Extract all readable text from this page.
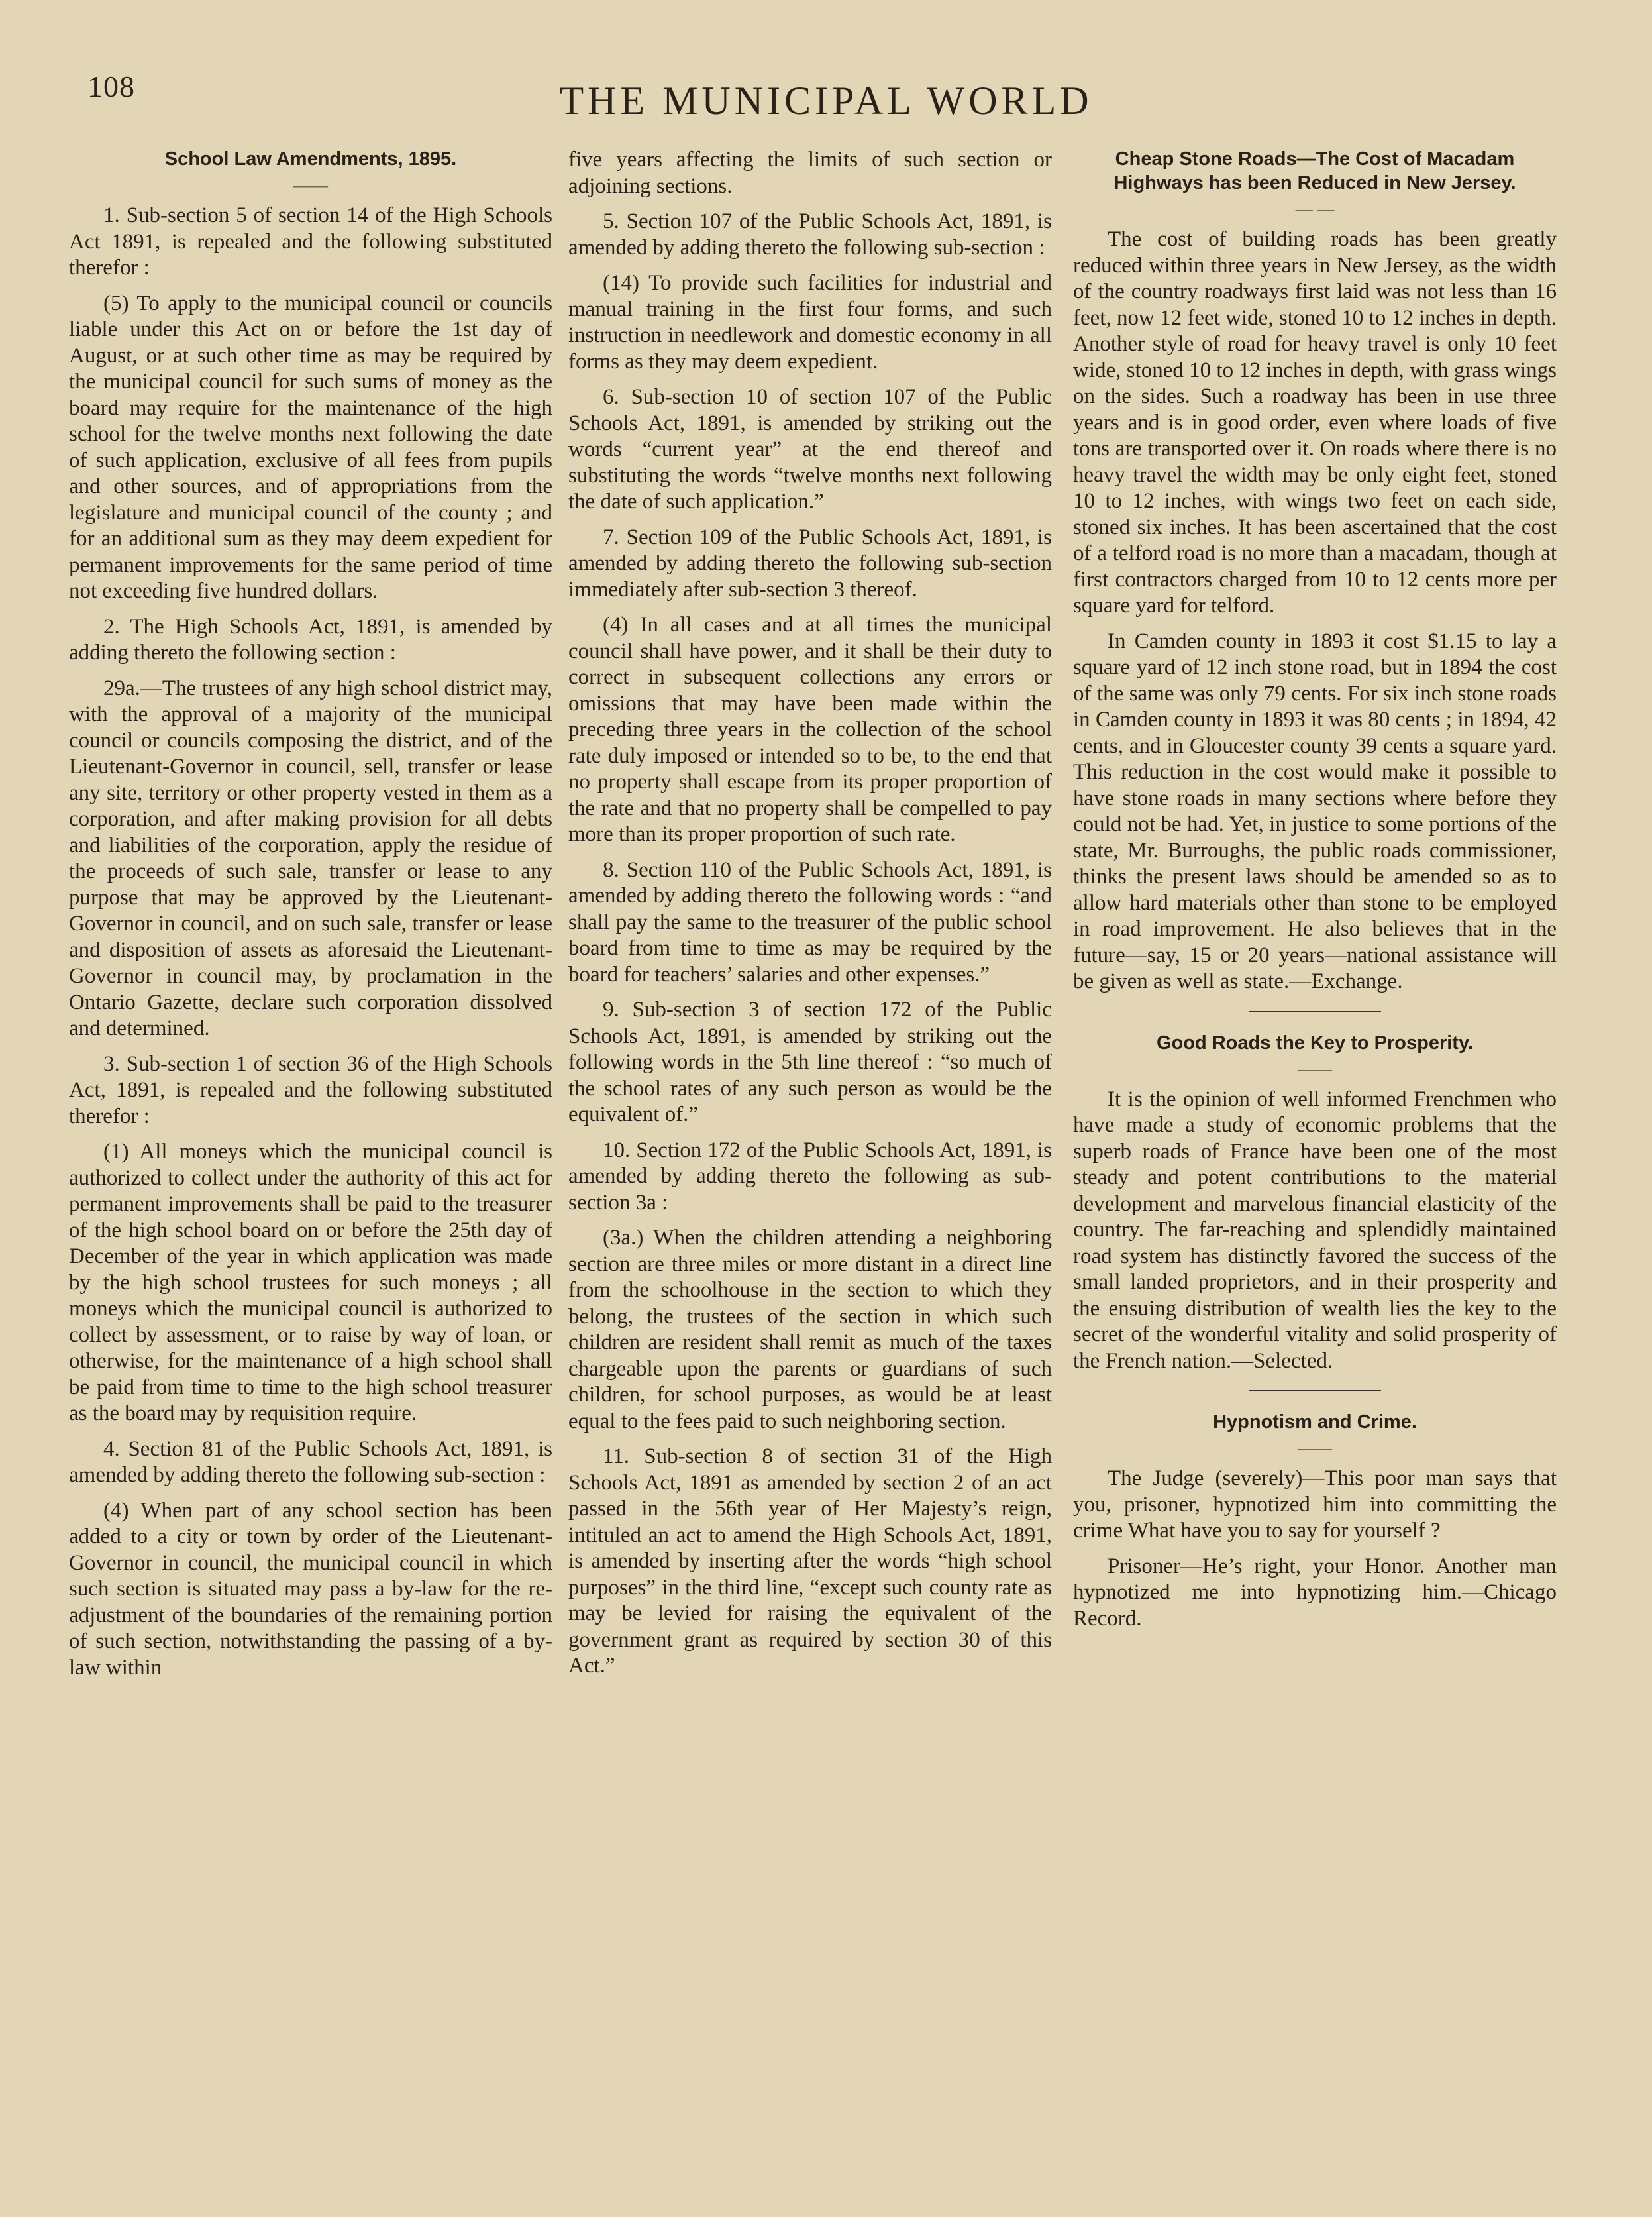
108	THE MUNICIPAL WORLD
School Law Amendments, 1895.
——

1. Sub-section 5 of section 14 of the High Schools Act 1891, is repealed and the following substituted therefor :

(5) To apply to the municipal council or councils liable under this Act on or before the 1st day of August, or at such other time as may be required by the municipal council for such sums of money as the board may require for the maintenance of the high school for the twelve months next following the date of such application, exclusive of all fees from pupils and other sources, and of appropriations from the legislature and municipal council of the county ; and for an additional sum as they may deem expedient for permanent improvements for the same period of time not exceeding five hundred dollars.

2. The High Schools Act, 1891, is amended by adding thereto the following section :

29a.—The trustees of any high school district may, with the approval of a majority of the municipal council or councils composing the district, and of the Lieutenant-Governor in council, sell, transfer or lease any site, territory or other property vested in them as a corporation, and after making provision for all debts and liabilities of the corporation, apply the residue of the proceeds of such sale, transfer or lease to any purpose that may be approved by the Lieutenant-Governor in council, and on such sale, transfer or lease and disposition of assets as aforesaid the Lieutenant-Governor in council may, by proclamation in the Ontario Gazette, declare such corporation dissolved and determined.

3. Sub-section 1 of section 36 of the High Schools Act, 1891, is repealed and the following substituted therefor :

(1) All moneys which the municipal council is authorized to collect under the authority of this act for permanent improvements shall be paid to the treasurer of the high school board on or before the 25th day of December of the year in which application was made by the high school trustees for such moneys ; all moneys which the municipal council is authorized to collect by assessment, or to raise by way of loan, or otherwise, for the maintenance of a high school shall be paid from time to time to the high school treasurer as the board may by requisition require.

4. Section 81 of the Public Schools Act, 1891, is amended by adding thereto the following sub-section :

(4) When part of any school section has been added to a city or town by order of the Lieutenant-Governor in council, the municipal council in which such section is situated may pass a by-law for the re-adjustment of the boundaries of the remaining portion of such section, notwithstanding the passing of a by-law within

five years affecting the limits of such section or adjoining sections.

5. Section 107 of the Public Schools Act, 1891, is amended by adding thereto the following sub-section :

(14) To provide such facilities for industrial and manual training in the first four forms, and such instruction in needlework and domestic economy in all forms as they may deem expedient.

6. Sub-section 10 of section 107 of the Public Schools Act, 1891, is amended by striking out the words “current year” at the end thereof and substituting the words “twelve months next following the date of such application.”

7. Section 109 of the Public Schools Act, 1891, is amended by adding thereto the following sub-section immediately after sub-section 3 thereof.

(4) In all cases and at all times the municipal council shall have power, and it shall be their duty to correct in subsequent collections any errors or omissions that may have been made within the preceding three years in the collection of the school rate duly imposed or intended so to be, to the end that no property shall escape from its proper proportion of the rate and that no property shall be compelled to pay more than its proper proportion of such rate.

8. Section 110 of the Public Schools Act, 1891, is amended by adding thereto the following words : “and shall pay the same to the treasurer of the public school board from time to time as may be required by the board for teachers’ salaries and other expenses.”

9. Sub-section 3 of section 172 of the Public Schools Act, 1891, is amended by striking out the following words in the 5th line thereof : “so much of the school rates of any such person as would be the equivalent of.”

10. Section 172 of the Public Schools Act, 1891, is amended by adding thereto the following as sub-section 3a :

(3a.) When the children attending a neighboring section are three miles or more distant in a direct line from the schoolhouse in the section to which they belong, the trustees of the section in which such children are resident shall remit as much of the taxes chargeable upon the parents or guardians of such children, for school purposes, as would be at least equal to the fees paid to such neighboring section.

11. Sub-section 8 of section 31 of the High Schools Act, 1891 as amended by section 2 of an act passed in the 56th year of Her Majesty’s reign, intituled an act to amend the High Schools Act, 1891, is amended by inserting after the words “high school purposes” in the third line, “except such county rate as may be levied for raising the equivalent of the government grant as required by section 30 of this Act.”

Cheap Stone Roads—The Cost of Macadam Highways has been Reduced in New Jersey.
— —

The cost of building roads has been greatly reduced within three years in New Jersey, as the width of the country roadways first laid was not less than 16 feet, now 12 feet wide, stoned 10 to 12 inches in depth. Another style of road for heavy travel is only 10 feet wide, stoned 10 to 12 inches in depth, with grass wings on the sides. Such a roadway has been in use three years and is in good order, even where loads of five tons are transported over it. On roads where there is no heavy travel the width may be only eight feet, stoned 10 to 12 inches, with wings two feet on each side, stoned six inches. It has been ascertained that the cost of a telford road is no more than a macadam, though at first contractors charged from 10 to 12 cents more per square yard for telford.

In Camden county in 1893 it cost $1.15 to lay a square yard of 12 inch stone road, but in 1894 the cost of the same was only 79 cents. For six inch stone roads in Camden county in 1893 it was 80 cents ; in 1894, 42 cents, and in Gloucester county 39 cents a square yard. This reduction in the cost would make it possible to have stone roads in many sections where before they could not be had. Yet, in justice to some portions of the state, Mr. Burroughs, the public roads commissioner, thinks the present laws should be amended so as to allow hard materials other than stone to be employed in road improvement. He also believes that in the future—say, 15 or 20 years—national assistance will be given as well as state.—Exchange.

Good Roads the Key to Prosperity.
——

It is the opinion of well informed Frenchmen who have made a study of economic problems that the superb roads of France have been one of the most steady and potent contributions to the material development and marvelous financial elasticity of the country. The far-reaching and splendidly maintained road system has distinctly favored the success of the small landed proprietors, and in their prosperity and the ensuing distribution of wealth lies the key to the secret of the wonderful vitality and solid prosperity of the French nation.—Selected.

Hypnotism and Crime.
——

The Judge (severely)—This poor man says that you, prisoner, hypnotized him into committing the crime What have you to say for yourself ?

Prisoner—He’s right, your Honor. Another man hypnotized me into hypnotizing him.—Chicago Record.
